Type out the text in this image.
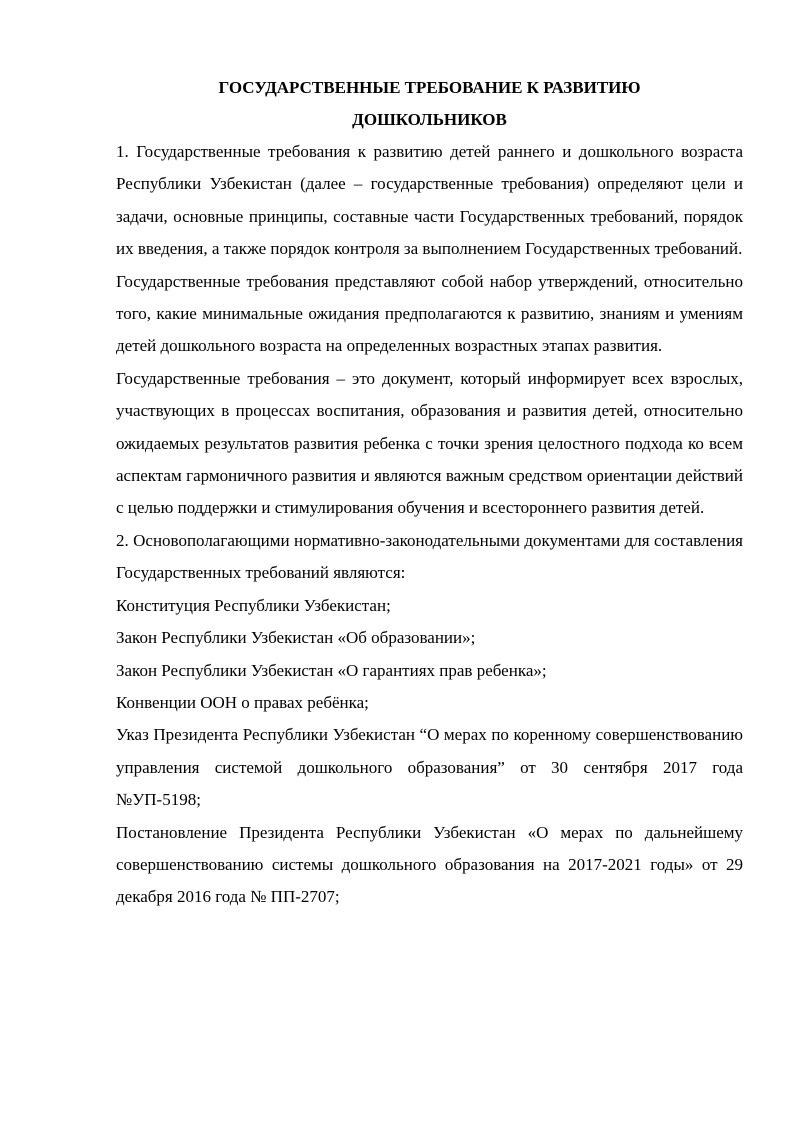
ГОСУДАРСТВЕННЫЕ ТРЕБОВАНИЕ К РАЗВИТИЮ
ДОШКОЛЬНИКОВ

1. Государственные требования к развитию детей раннего и дошкольного возраста Республики Узбекистан (далее – государственные требования) определяют цели и задачи, основные принципы, составные части Государственных требований, порядок их введения, а также порядок контроля за выполнением Государственных требований.

Государственные требования представляют собой набор утверждений, относительно того, какие минимальные ожидания предполагаются к развитию, знаниям и умениям детей дошкольного возраста на определенных возрастных этапах развития.

Государственные требования – это документ, который информирует всех взрослых, участвующих в процессах воспитания, образования и развития детей, относительно ожидаемых результатов развития ребенка с точки зрения целостного подхода ко всем аспектам гармоничного развития и являются важным средством ориентации действий с целью поддержки и стимулирования обучения и всестороннего развития детей.

2. Основополагающими нормативно-законодательными документами для составления Государственных требований являются:

Конституция Республики Узбекистан;

Закон Республики Узбекистан «Об образовании»;

Закон Республики Узбекистан «О гарантиях прав ребенка»;

Конвенции ООН о правах ребёнка;

Указ Президента Республики Узбекистан “О мерах по коренному совершенствованию управления системой дошкольного образования” от 30 сентября 2017 года №УП-5198;

Постановление Президента Республики Узбекистан «О мерах по дальнейшему совершенствованию системы дошкольного образования на 2017-2021 годы» от 29 декабря 2016 года № ПП-2707;
